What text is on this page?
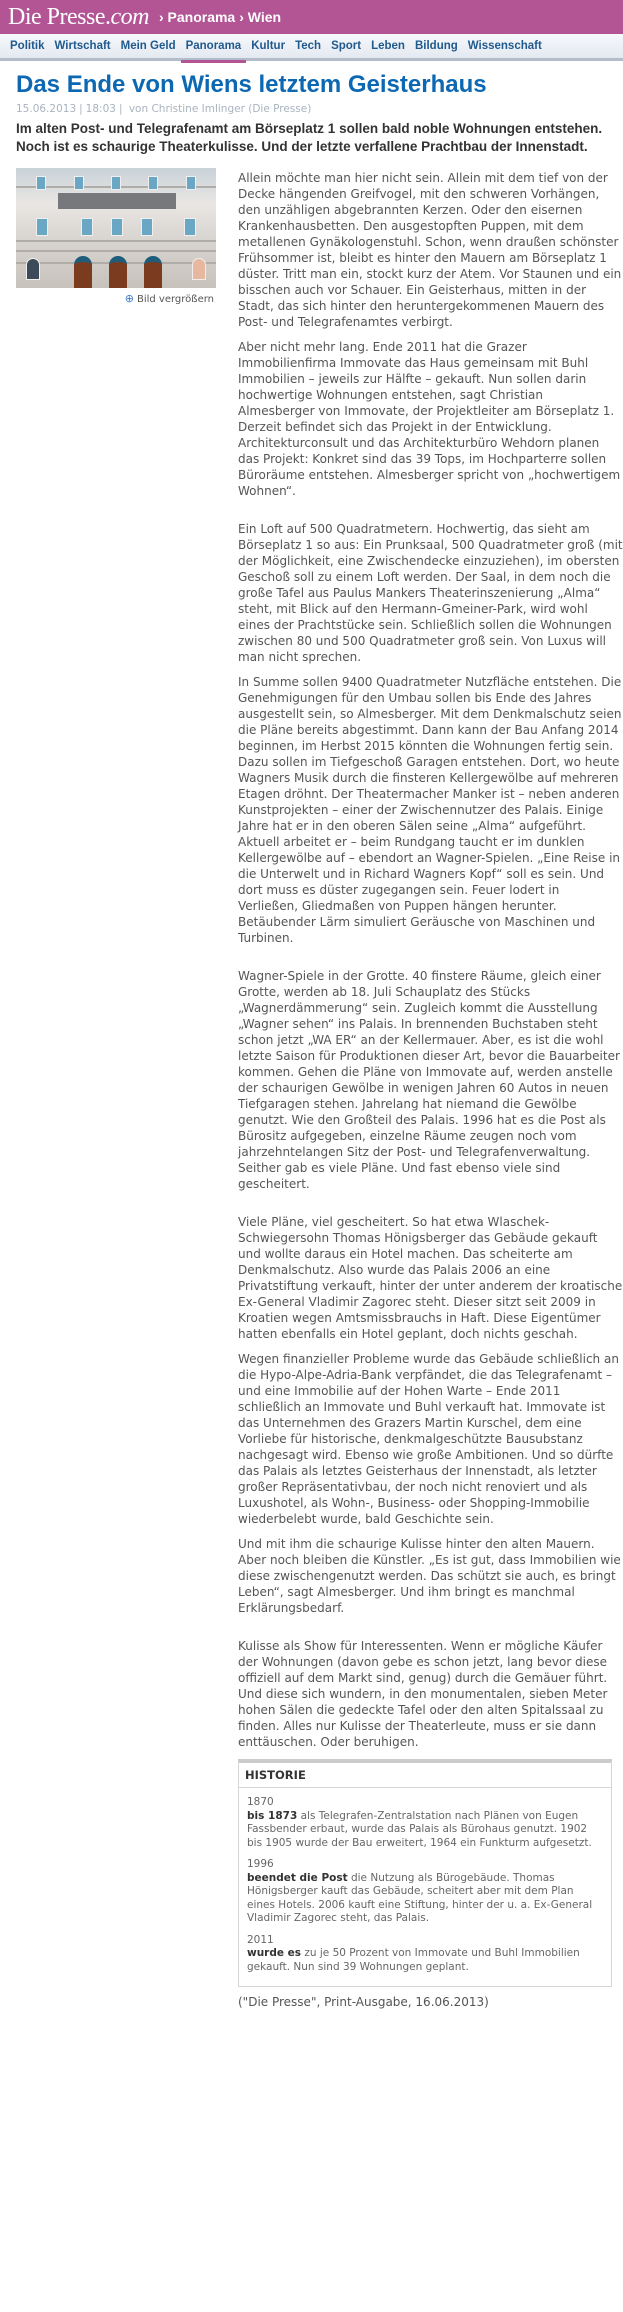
Die Presse.com › Panorama › Wien
Politik Wirtschaft Mein Geld Panorama Kultur Tech Sport Leben Bildung Wissenschaft
Das Ende von Wiens letztem Geisterhaus
15.06.2013 | 18:03 | von Christine Imlinger (Die Presse)

Im alten Post- und Telegrafenamt am Börseplatz 1 sollen bald noble Wohnungen entstehen. Noch ist es schaurige Theaterkulisse. Und der letzte verfallene Prachtbau der Innenstadt.

⊕ Bild vergrößern

Allein möchte man hier nicht sein. Allein mit dem tief von der Decke hängenden Greifvogel, mit den schweren Vorhängen, den unzähligen abgebrannten Kerzen. Oder den eisernen Krankenhausbetten. Den ausgestopften Puppen, mit dem metallenen Gynäkologenstuhl. Schon, wenn draußen schönster Frühsommer ist, bleibt es hinter den Mauern am Börseplatz 1 düster. Tritt man ein, stockt kurz der Atem. Vor Staunen und ein bisschen auch vor Schauer. Ein Geisterhaus, mitten in der Stadt, das sich hinter den heruntergekommenen Mauern des Post- und Telegrafenamtes verbirgt.

Aber nicht mehr lang. Ende 2011 hat die Grazer Immobilienfirma Immovate das Haus gemeinsam mit Buhl Immobilien – jeweils zur Hälfte – gekauft. Nun sollen darin hochwertige Wohnungen entstehen, sagt Christian Almesberger von Immovate, der Projektleiter am Börseplatz 1. Derzeit befindet sich das Projekt in der Entwicklung. Architekturconsult und das Architekturbüro Wehdorn planen das Projekt: Konkret sind das 39 Tops, im Hochparterre sollen Büroräume entstehen. Almesberger spricht von „hochwertigem Wohnen“.

Ein Loft auf 500 Quadratmetern. Hochwertig, das sieht am Börseplatz 1 so aus: Ein Prunksaal, 500 Quadratmeter groß (mit der Möglichkeit, eine Zwischendecke einzuziehen), im obersten Geschoß soll zu einem Loft werden. Der Saal, in dem noch die große Tafel aus Paulus Mankers Theaterinszenierung „Alma“ steht, mit Blick auf den Hermann-Gmeiner-Park, wird wohl eines der Prachtstücke sein. Schließlich sollen die Wohnungen zwischen 80 und 500 Quadratmeter groß sein. Von Luxus will man nicht sprechen.

In Summe sollen 9400 Quadratmeter Nutzfläche entstehen. Die Genehmigungen für den Umbau sollen bis Ende des Jahres ausgestellt sein, so Almesberger. Mit dem Denkmalschutz seien die Pläne bereits abgestimmt. Dann kann der Bau Anfang 2014 beginnen, im Herbst 2015 könnten die Wohnungen fertig sein. Dazu sollen im Tiefgeschoß Garagen entstehen. Dort, wo heute Wagners Musik durch die finsteren Kellergewölbe auf mehreren Etagen dröhnt. Der Theatermacher Manker ist – neben anderen Kunstprojekten – einer der Zwischennutzer des Palais. Einige Jahre hat er in den oberen Sälen seine „Alma“ aufgeführt. Aktuell arbeitet er – beim Rundgang taucht er im dunklen Kellergewölbe auf – ebendort an Wagner-Spielen. „Eine Reise in die Unterwelt und in Richard Wagners Kopf“ soll es sein. Und dort muss es düster zugegangen sein. Feuer lodert in Verließen, Gliedmaßen von Puppen hängen herunter. Betäubender Lärm simuliert Geräusche von Maschinen und Turbinen.

Wagner-Spiele in der Grotte. 40 finstere Räume, gleich einer Grotte, werden ab 18. Juli Schauplatz des Stücks „Wagnerdämmerung“ sein. Zugleich kommt die Ausstellung „Wagner sehen“ ins Palais. In brennenden Buchstaben steht schon jetzt „WA ER“ an der Kellermauer. Aber, es ist die wohl letzte Saison für Produktionen dieser Art, bevor die Bauarbeiter kommen. Gehen die Pläne von Immovate auf, werden anstelle der schaurigen Gewölbe in wenigen Jahren 60 Autos in neuen Tiefgaragen stehen. Jahrelang hat niemand die Gewölbe genutzt. Wie den Großteil des Palais. 1996 hat es die Post als Bürositz aufgegeben, einzelne Räume zeugen noch vom jahrzehntelangen Sitz der Post- und Telegrafenverwaltung. Seither gab es viele Pläne. Und fast ebenso viele sind gescheitert.

Viele Pläne, viel gescheitert. So hat etwa Wlaschek-Schwiegersohn Thomas Hönigsberger das Gebäude gekauft und wollte daraus ein Hotel machen. Das scheiterte am Denkmalschutz. Also wurde das Palais 2006 an eine Privatstiftung verkauft, hinter der unter anderem der kroatische Ex-General Vladimir Zagorec steht. Dieser sitzt seit 2009 in Kroatien wegen Amtsmissbrauchs in Haft. Diese Eigentümer hatten ebenfalls ein Hotel geplant, doch nichts geschah.

Wegen finanzieller Probleme wurde das Gebäude schließlich an die Hypo-Alpe-Adria-Bank verpfändet, die das Telegrafenamt – und eine Immobilie auf der Hohen Warte – Ende 2011 schließlich an Immovate und Buhl verkauft hat. Immovate ist das Unternehmen des Grazers Martin Kurschel, dem eine Vorliebe für historische, denkmalgeschützte Bausubstanz nachgesagt wird. Ebenso wie große Ambitionen. Und so dürfte das Palais als letztes Geisterhaus der Innenstadt, als letzter großer Repräsentativbau, der noch nicht renoviert und als Luxushotel, als Wohn-, Business- oder Shopping-Immobilie wiederbelebt wurde, bald Geschichte sein.

Und mit ihm die schaurige Kulisse hinter den alten Mauern. Aber noch bleiben die Künstler. „Es ist gut, dass Immobilien wie diese zwischengenutzt werden. Das schützt sie auch, es bringt Leben“, sagt Almesberger. Und ihm bringt es manchmal Erklärungsbedarf.

Kulisse als Show für Interessenten. Wenn er mögliche Käufer der Wohnungen (davon gebe es schon jetzt, lang bevor diese offiziell auf dem Markt sind, genug) durch die Gemäuer führt. Und diese sich wundern, in den monumentalen, sieben Meter hohen Sälen die gedeckte Tafel oder den alten Spitalssaal zu finden. Alles nur Kulisse der Theaterleute, muss er sie dann enttäuschen. Oder beruhigen.

HISTORIE
1870
bis 1873 als Telegrafen-Zentralstation nach Plänen von Eugen Fassbender erbaut, wurde das Palais als Bürohaus genutzt. 1902 bis 1905 wurde der Bau erweitert, 1964 ein Funkturm aufgesetzt.
1996
beendet die Post die Nutzung als Bürogebäude. Thomas Hönigsberger kauft das Gebäude, scheitert aber mit dem Plan eines Hotels. 2006 kauft eine Stiftung, hinter der u. a. Ex-General Vladimir Zagorec steht, das Palais.
2011
wurde es zu je 50 Prozent von Immovate und Buhl Immobilien gekauft. Nun sind 39 Wohnungen geplant.
("Die Presse", Print-Ausgabe, 16.06.2013)
